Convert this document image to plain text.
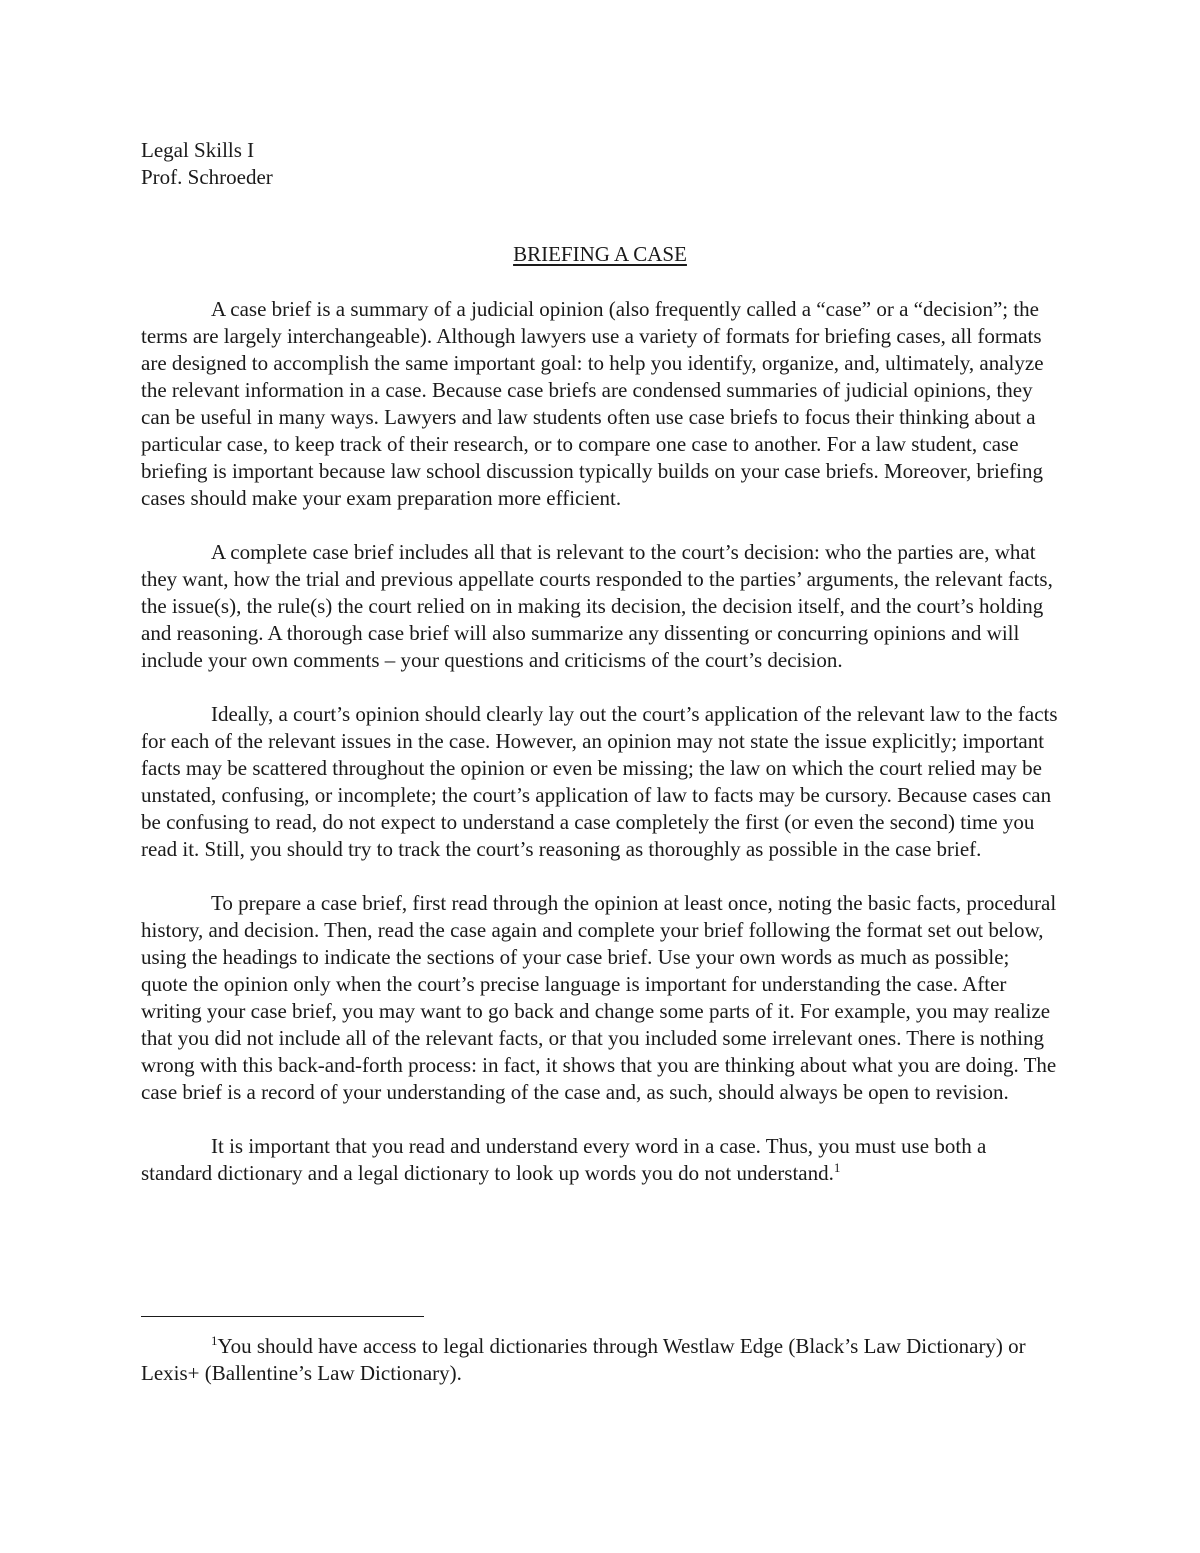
Legal Skills I
Prof. Schroeder
BRIEFING A CASE

A case brief is a summary of a judicial opinion (also frequently called a “case” or a “decision”; the terms are largely interchangeable). Although lawyers use a variety of formats for briefing cases, all formats are designed to accomplish the same important goal: to help you identify, organize, and, ultimately, analyze the relevant information in a case. Because case briefs are condensed summaries of judicial opinions, they can be useful in many ways. Lawyers and law students often use case briefs to focus their thinking about a particular case, to keep track of their research, or to compare one case to another. For a law student, case briefing is important because law school discussion typically builds on your case briefs. Moreover, briefing cases should make your exam preparation more efficient.

A complete case brief includes all that is relevant to the court’s decision: who the parties are, what they want, how the trial and previous appellate courts responded to the parties’ arguments, the relevant facts, the issue(s), the rule(s) the court relied on in making its decision, the decision itself, and the court’s holding and reasoning. A thorough case brief will also summarize any dissenting or concurring opinions and will include your own comments – your questions and criticisms of the court’s decision.

Ideally, a court’s opinion should clearly lay out the court’s application of the relevant law to the facts for each of the relevant issues in the case. However, an opinion may not state the issue explicitly; important facts may be scattered throughout the opinion or even be missing; the law on which the court relied may be unstated, confusing, or incomplete; the court’s application of law to facts may be cursory. Because cases can be confusing to read, do not expect to understand a case completely the first (or even the second) time you read it. Still, you should try to track the court’s reasoning as thoroughly as possible in the case brief.

To prepare a case brief, first read through the opinion at least once, noting the basic facts, procedural history, and decision. Then, read the case again and complete your brief following the format set out below, using the headings to indicate the sections of your case brief. Use your own words as much as possible; quote the opinion only when the court’s precise language is important for understanding the case. After writing your case brief, you may want to go back and change some parts of it. For example, you may realize that you did not include all of the relevant facts, or that you included some irrelevant ones. There is nothing wrong with this back-and-forth process: in fact, it shows that you are thinking about what you are doing. The case brief is a record of your understanding of the case and, as such, should always be open to revision.

It is important that you read and understand every word in a case. Thus, you must use both a standard dictionary and a legal dictionary to look up words you do not understand.$^1$

$^1$You should have access to legal dictionaries through Westlaw Edge (Black’s Law Dictionary) or Lexis+ (Ballentine’s Law Dictionary).
